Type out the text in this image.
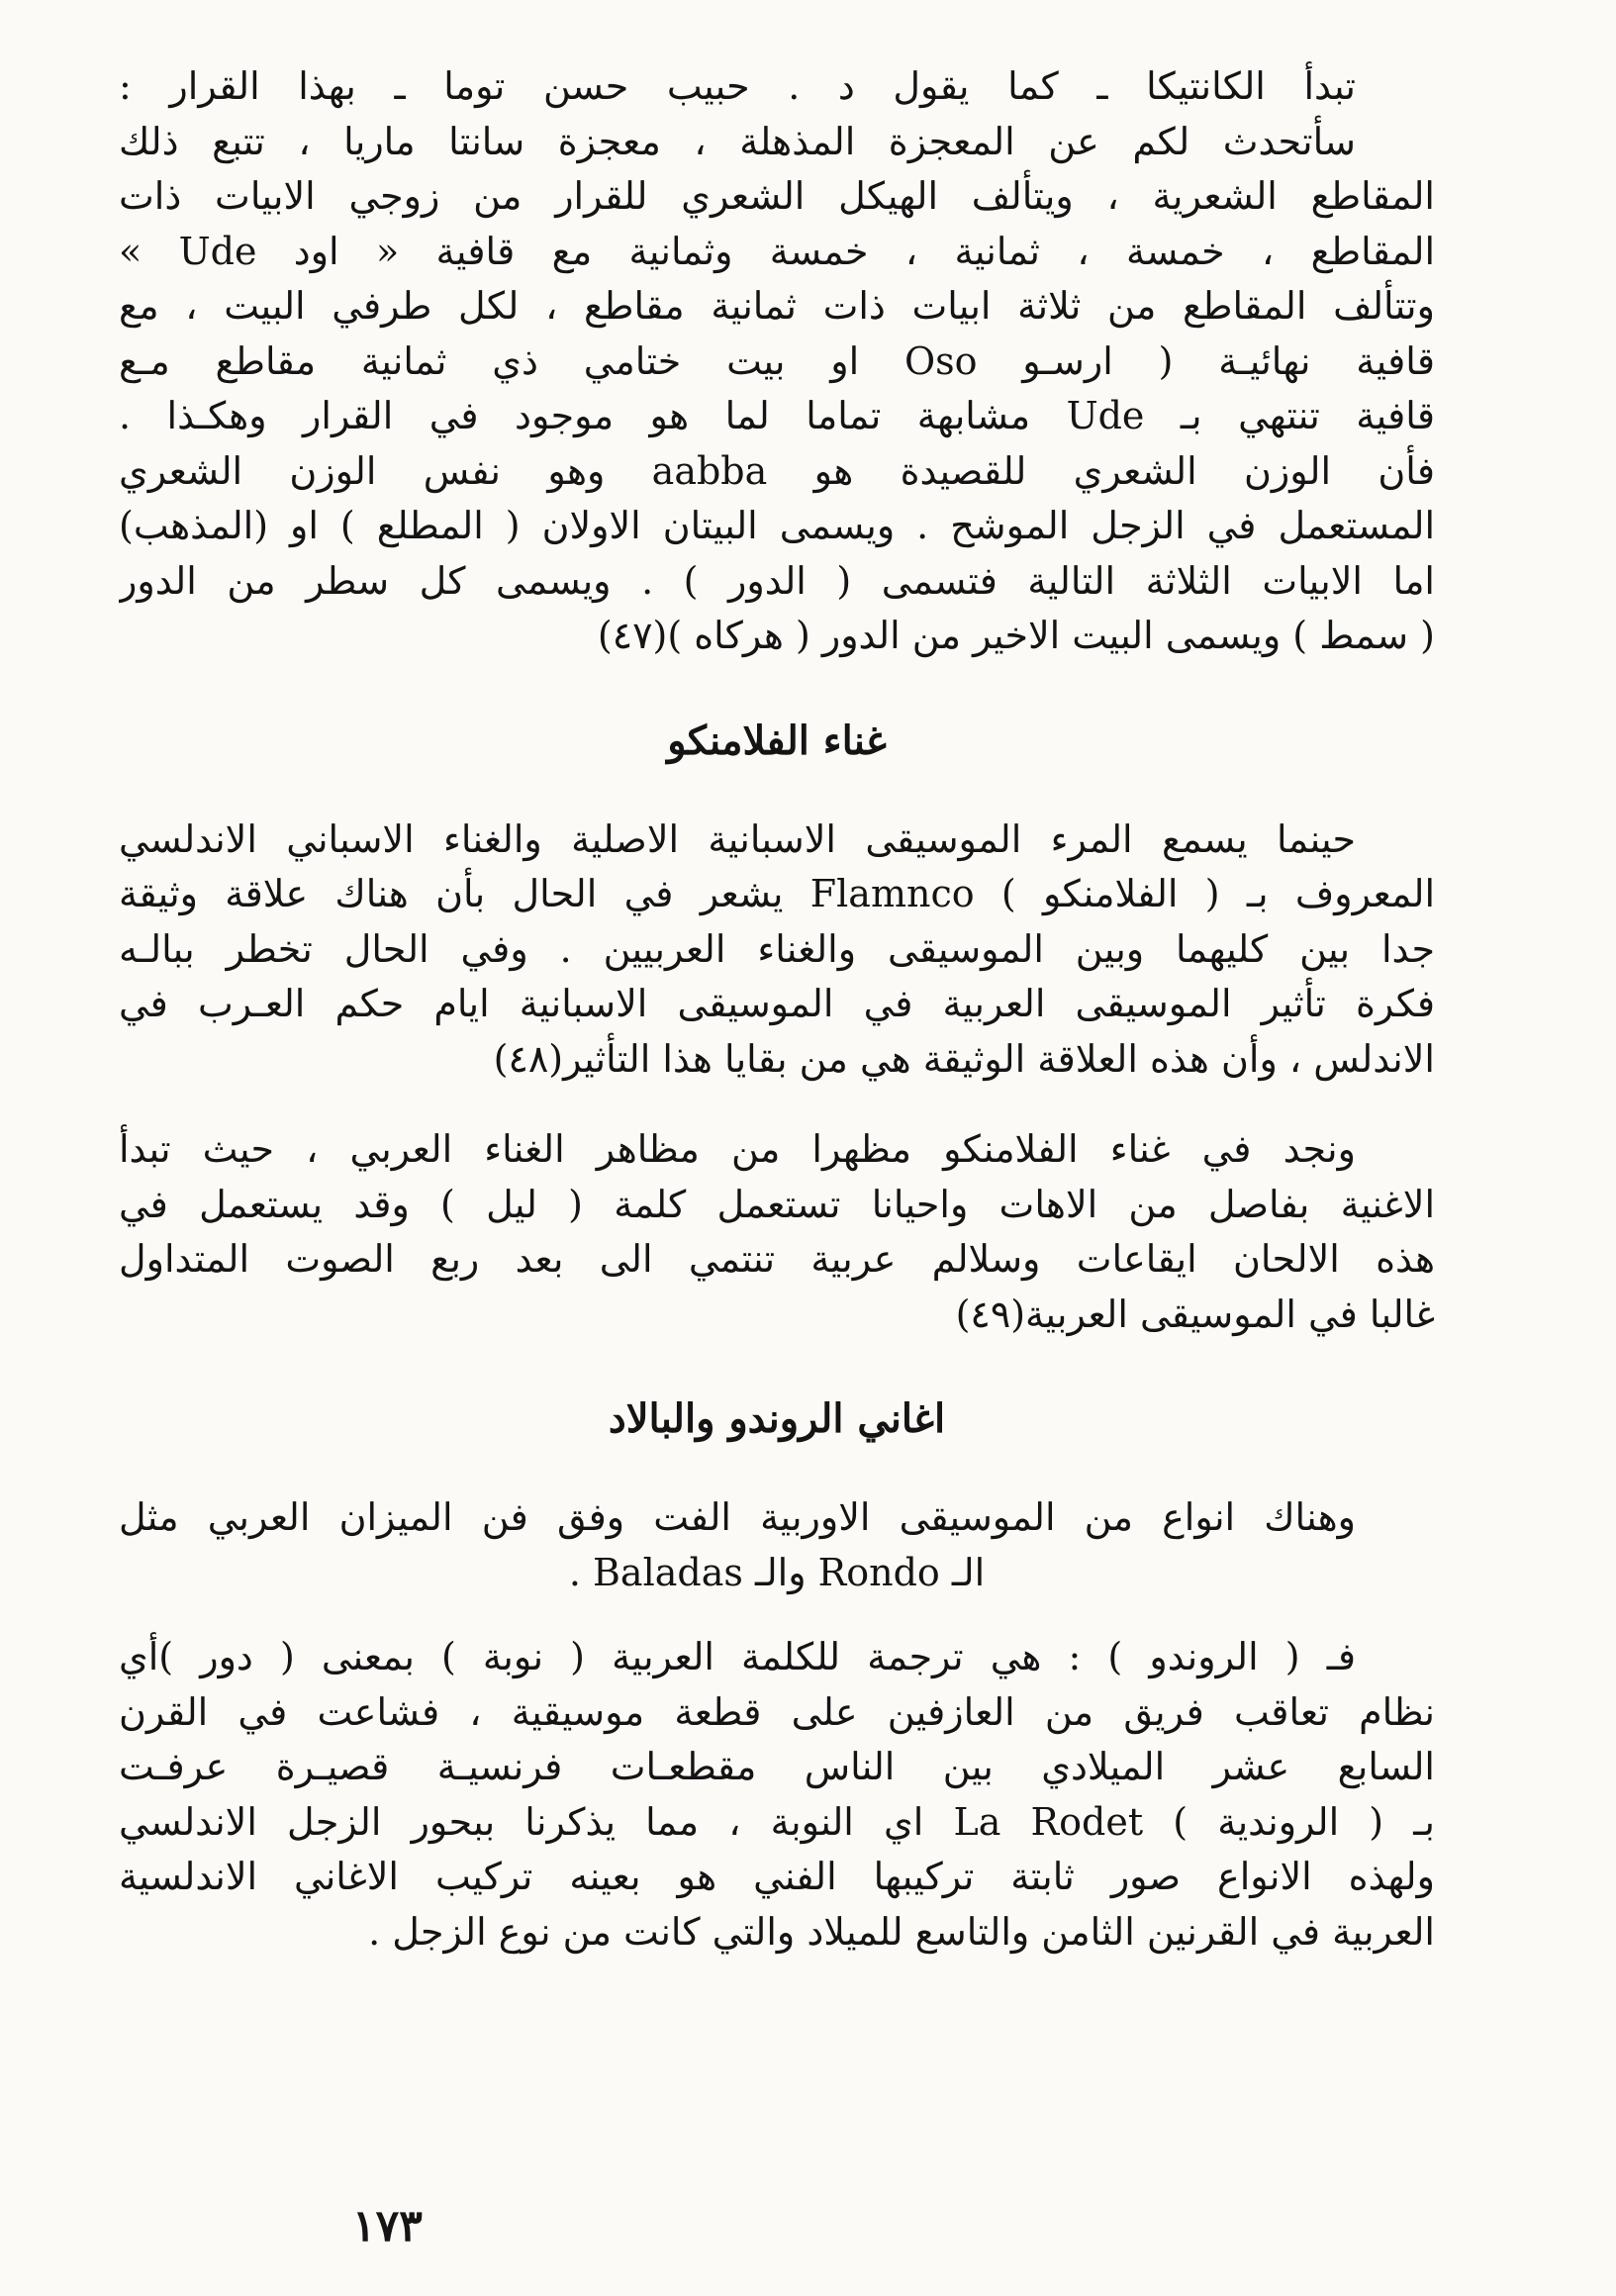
تبدأ الكانتيكا ـ كما يقول د . حبيب حسن توما ـ بهذا القرار :
سأتحدث لكم عن المعجزة المذهلة ، معجزة سانتا ماريا ، تتبع ذلك
المقاطع الشعرية ، ويتألف الهيكل الشعري للقرار من زوجي الابيات ذات
المقاطع ، خمسة ، ثمانية ، خمسة وثمانية مع قافية « اود Ude »
وتتألف المقاطع من ثلاثة ابيات ذات ثمانية مقاطع ، لكل طرفي البيت ، مع
قافية نهائيـة ( ارسـو Oso او بيت ختامي ذي ثمانية مقاطع مـع
قافية تنتهي بـ Ude مشابهة تماما لما هو موجود في القرار وهكـذا .
فأن الوزن الشعري للقصيدة هو aabba وهو نفس الوزن الشعري
المستعمل في الزجل الموشح . ويسمى البيتان الاولان ( المطلع ) او (المذهب)
اما الابيات الثلاثة التالية فتسمى ( الدور ) . ويسمى كل سطر من الدور
( سمط ) ويسمى البيت الاخير من الدور ( هركاه )(٤٧)
غناء الفلامنكو
حينما يسمع المرء الموسيقى الاسبانية الاصلية والغناء الاسباني الاندلسي
المعروف بـ ( الفلامنكو ) Flamnco يشعر في الحال بأن هناك علاقة وثيقة
جدا بين كليهما وبين الموسيقى والغناء العربيين . وفي الحال تخطر ببالـه
فكرة تأثير الموسيقى العربية في الموسيقى الاسبانية ايام حكم العـرب في
الاندلس ، وأن هذه العلاقة الوثيقة هي من بقايا هذا التأثير(٤٨)
ونجد في غناء الفلامنكو مظهرا من مظاهر الغناء العربي ، حيث تبدأ
الاغنية بفاصل من الاهات واحيانا تستعمل كلمة ( ليل ) وقد يستعمل في
هذه الالحان ايقاعات وسلالم عربية تنتمي الى بعد ربع الصوت المتداول
غالبا في الموسيقى العربية(٤٩)
اغاني الروندو والبالاد
وهناك انواع من الموسيقى الاوربية الفت وفق فن الميزان العربي مثل
الـ Rondo والـ Baladas .
فـ ( الروندو ) : هي ترجمة للكلمة العربية ( نوبة ) بمعنى ( دور )أي
نظام تعاقب فريق من العازفين على قطعة موسيقية ، فشاعت في القرن
السابع عشر الميلادي بين الناس مقطعـات فرنسيـة قصيـرة عرفـت
بـ ( الروندية ) La Rodet اي النوبة ، مما يذكرنا ببحور الزجل الاندلسي
ولهذه الانواع صور ثابتة تركيبها الفني هو بعينه تركيب الاغاني الاندلسية
العربية في القرنين الثامن والتاسع للميلاد والتي كانت من نوع الزجل .
١٧٣
